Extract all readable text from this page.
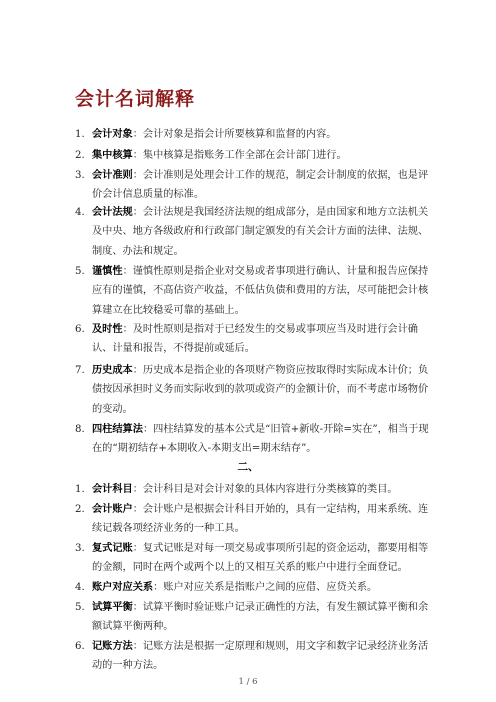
会计名词解释
1. 会计对象：会计对象是指会计所要核算和监督的内容。
2. 集中核算：集中核算是指账务工作全部在会计部门进行。
3. 会计准则：会计准则是处理会计工作的规范，制定会计制度的依据，也是评价会计信息质量的标准。
4. 会计法规：会计法规是我国经济法规的组成部分，是由国家和地方立法机关及中央、地方各级政府和行政部门制定颁发的有关会计方面的法律、法规、制度、办法和规定。
5. 谨慎性：谨慎性原则是指企业对交易或者事项进行确认、计量和报告应保持应有的谨慎，不高估资产收益，不低估负债和费用的方法，尽可能把会计核算建立在比较稳妥可靠的基础上。
6. 及时性：及时性原则是指对于已经发生的交易或事项应当及时进行会计确认、计量和报告，不得提前或延后。
7. 历史成本：历史成本是指企业的各项财产物资应按取得时实际成本计价；负债按因承担时义务而实际收到的款项或资产的金额计价，而不考虑市场物价的变动。
8. 四柱结算法：四柱结算发的基本公式是“旧管+新收-开除=实在”，相当于现在的“期初结存+本期收入-本期支出=期末结存”。
二、
1. 会计科目：会计科目是对会计对象的具体内容进行分类核算的类目。
2. 会计账户：会计账户是根据会计科目开始的，具有一定结构，用来系统、连续记载各项经济业务的一种工具。
3. 复式记账：复式记账是对每一项交易或事项所引起的资金运动，都要用相等的金额，同时在两个或两个以上的又相互关系的账户中进行全面登记。
4. 账户对应关系：账户对应关系是指账户之间的应借、应贷关系。
5. 试算平衡：试算平衡时验证账户记录正确性的方法，有发生额试算平衡和余额试算平衡两种。
6. 记账方法：记账方法是根据一定原理和规则，用文字和数字记录经济业务活动的一种方法。
1 / 6
